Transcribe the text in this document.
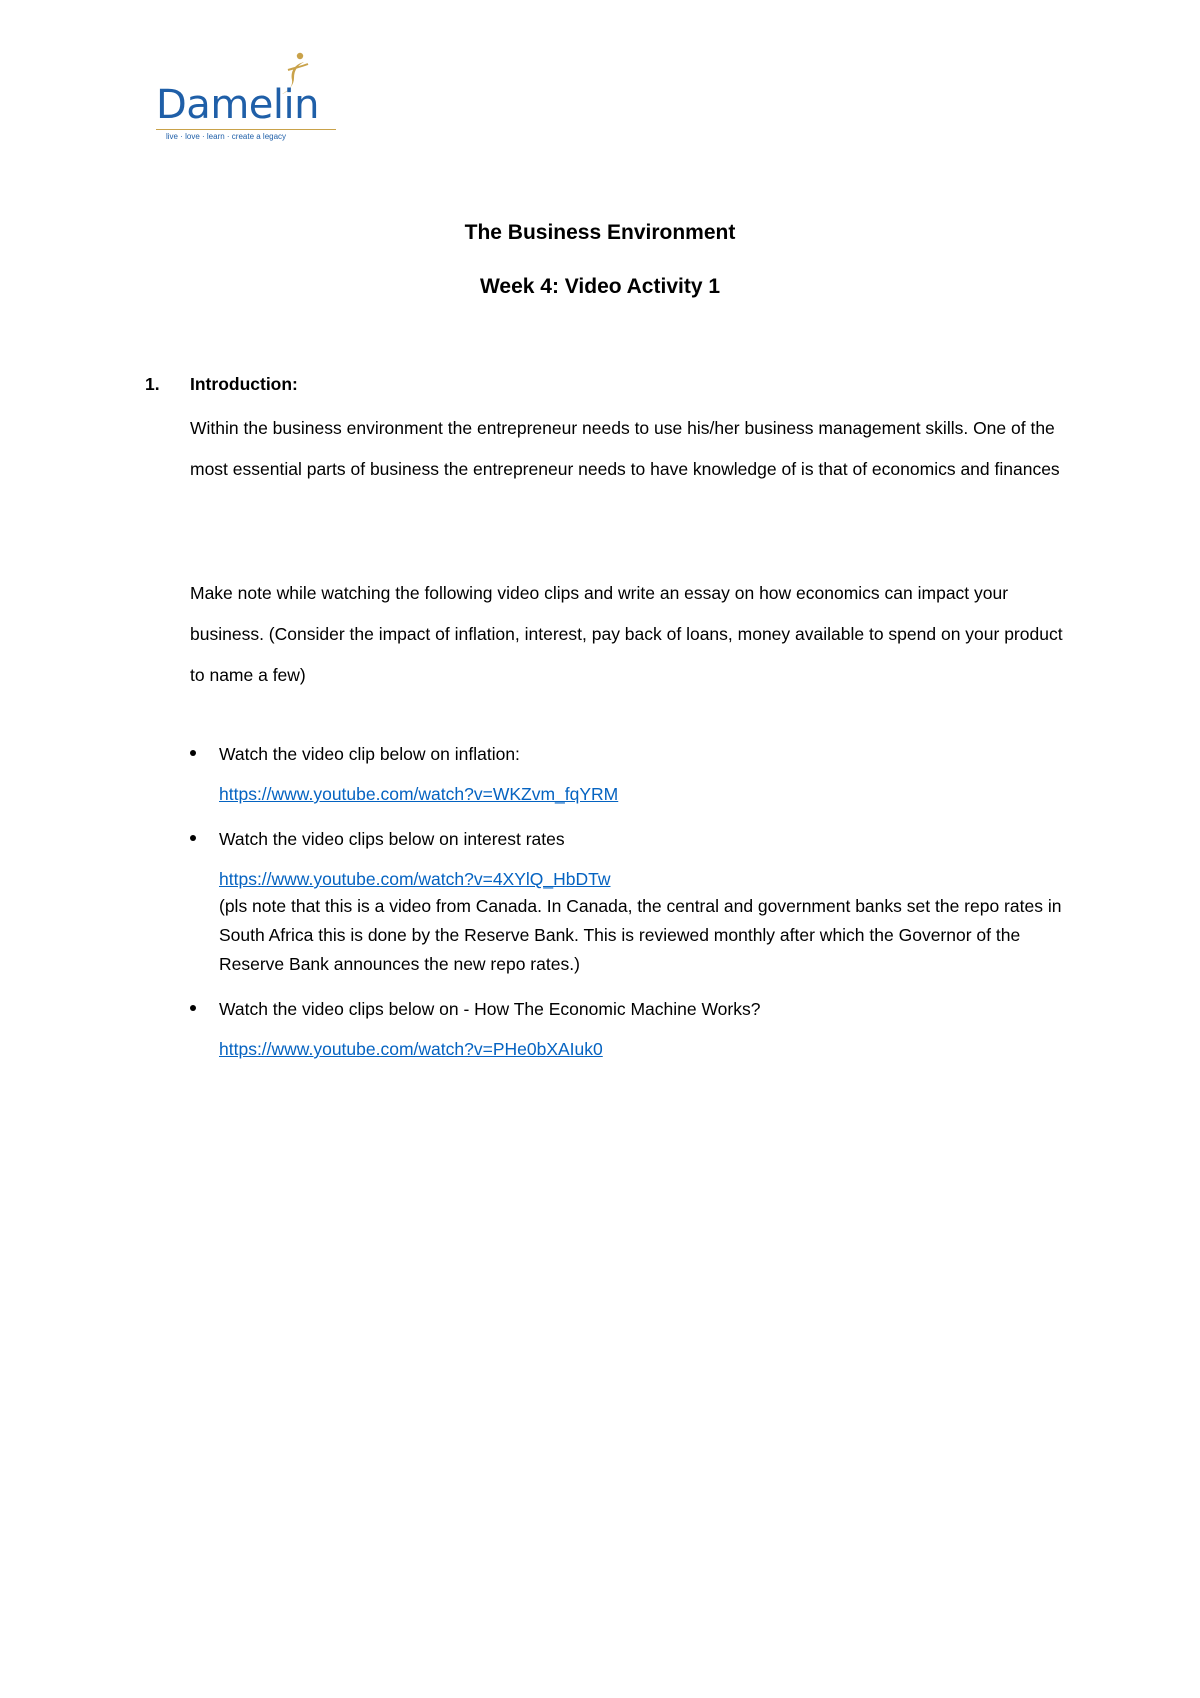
Damelin
live · love · learn · create a legacy
The Business Environment
Week 4: Video Activity 1
1. Introduction:

Within the business environment the entrepreneur needs to use his/her business management skills. One of the most essential parts of business the entrepreneur needs to have knowledge of is that of economics and finances

Make note while watching the following video clips and write an essay on how economics can impact your business. (Consider the impact of inflation, interest, pay back of loans, money available to spend on your product to name a few)

Watch the video clip below on inflation:
https://www.youtube.com/watch?v=WKZvm_fqYRM
Watch the video clips below on interest rates
https://www.youtube.com/watch?v=4XYlQ_HbDTw
(pls note that this is a video from Canada. In Canada, the central and government banks set the repo rates in South Africa this is done by the Reserve Bank. This is reviewed monthly after which the Governor of the Reserve Bank announces the new repo rates.)
Watch the video clips below on - How The Economic Machine Works?
https://www.youtube.com/watch?v=PHe0bXAIuk0
